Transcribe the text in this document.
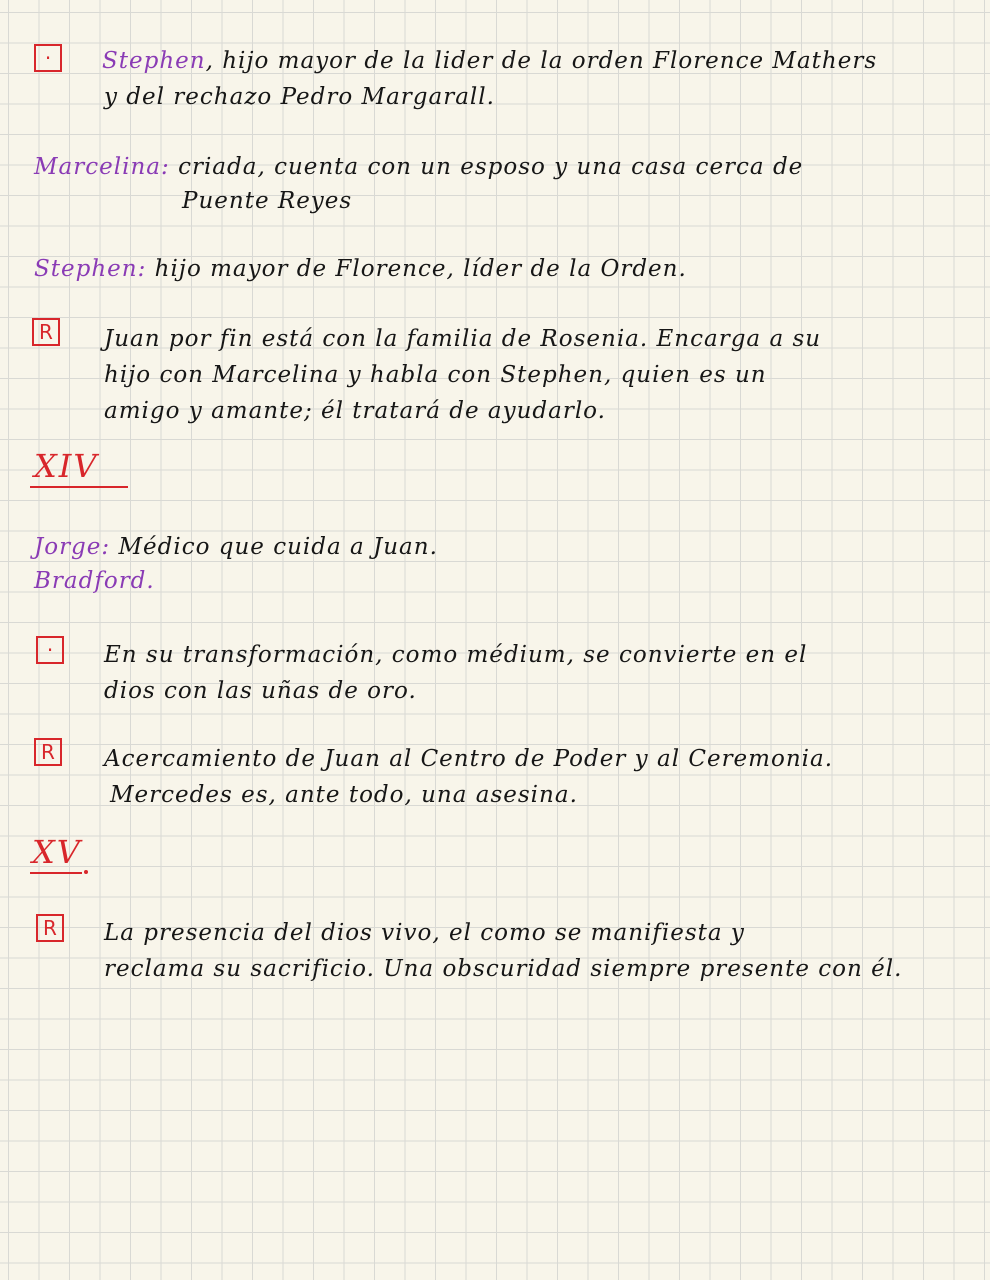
·	Stephen, hijo mayor de la lider de la orden Florence Mathers
y del rechazo Pedro Margarall.
Marcelina: criada, cuenta con un esposo y una casa cerca de
Puente Reyes
Stephen: hijo mayor de Florence, líder de la Orden.
R	Juan por fin está con la familia de Rosenia. Encarga a su
hijo con Marcelina y habla con Stephen, quien es un
amigo y amante; él tratará de ayudarlo.
XIV
Jorge: Médico que cuida a Juan.
Bradford.
·	En su transformación, como médium, se convierte en el
dios con las uñas de oro.
R	Acercamiento de Juan al Centro de Poder y al Ceremonia.
Mercedes es, ante todo, una asesina.
XV
R	La presencia del dios vivo, el como se manifiesta y
reclama su sacrificio. Una obscuridad siempre presente con él.
